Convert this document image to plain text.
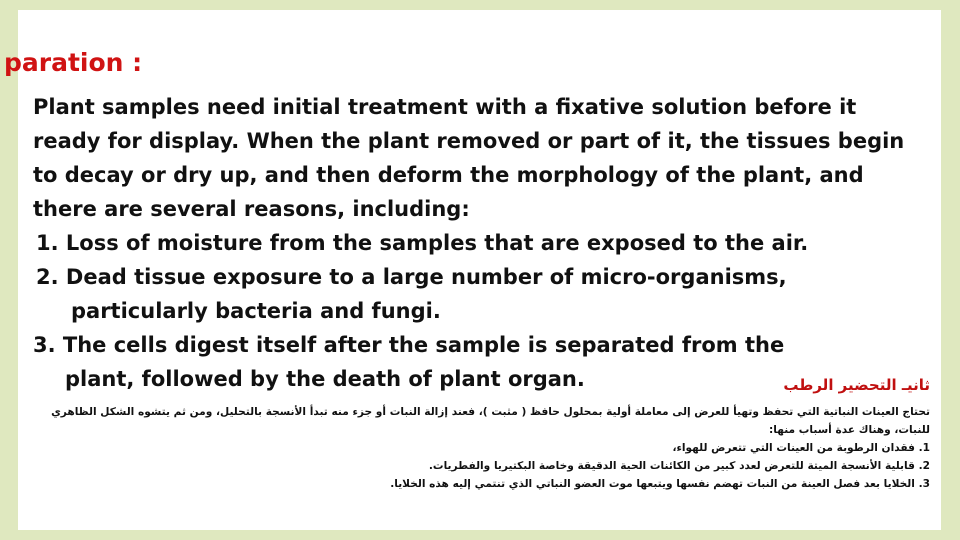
paration :
Plant samples need initial treatment with a fixative solution before it
ready for display. When the plant removed or part of it, the tissues begin
to decay or dry up, and then deform the morphology of the plant, and
there are several reasons, including:
1. Loss of moisture from the samples that are exposed to the air.
2. Dead tissue exposure to a large number of micro-organisms,
particularly bacteria and fungi.
3. The cells digest itself after the sample is separated from the
plant, followed by the death of plant organ.	ثانيـ التحضير الرطب
تحتاج العينات النباتية التي تحفظ وتهيأ للعرض إلى معاملة أولية بمحلول حافظ ( مثبت )، فعند إزالة النبات أو جزء منه تبدأ الأنسجة بالتحليل، ومن ثم يتشوه الشكل الظاهري
للنبات، وهناك عدة أسباب منها:
1. فقدان الرطوبة من العينات التي تتعرض للهواء،
2. قابلية الأنسجة الميتة للتعرض لعدد كبير من الكائنات الحية الدقيقة وخاصة البكتيريا والفطريات.
3. الخلايا بعد فصل العينة من النبات تهضم نفسها ويتبعها موت العضو النباتي الذي تنتمي إليه هذه الخلايا.
